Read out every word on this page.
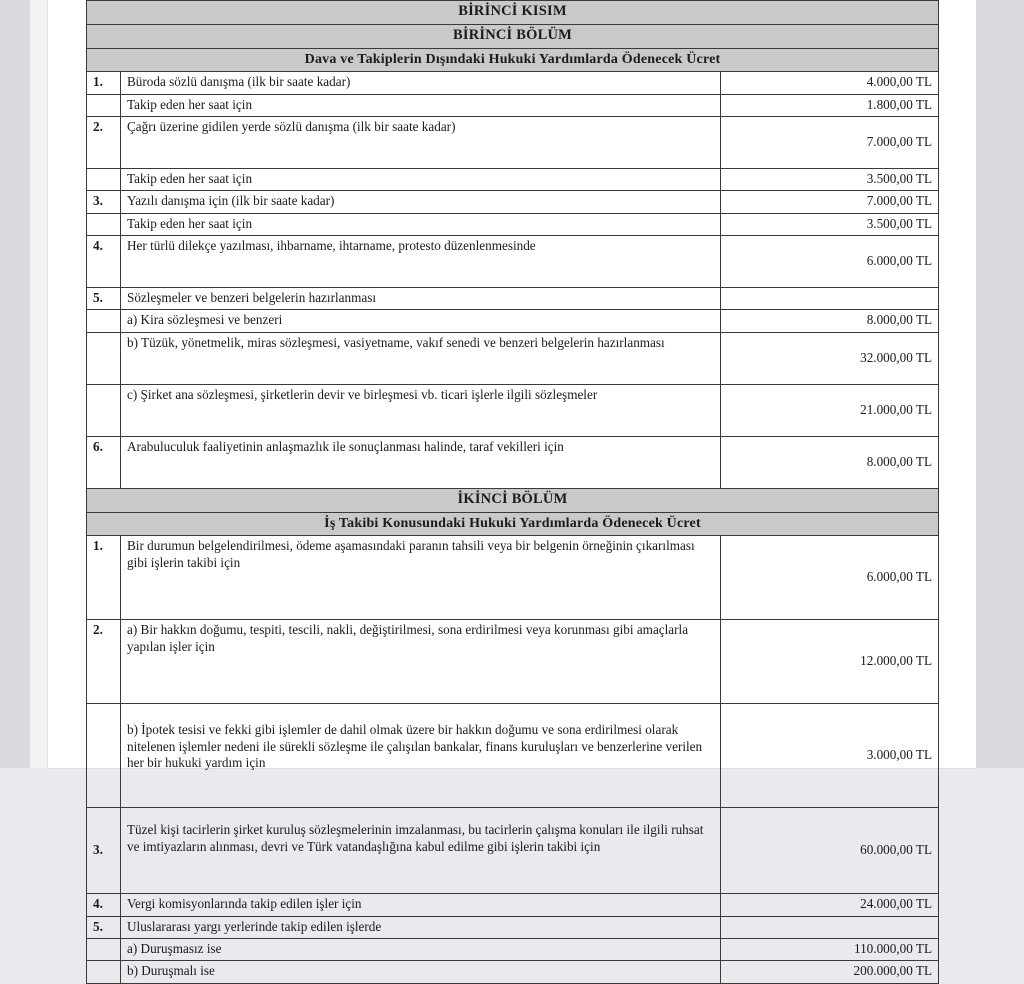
BİRİNCİ KISIM		
BİRİNCİ BÖLÜM		
Dava ve Takiplerin Dışındaki Hukuki Yardımlarda Ödenecek Ücret		
1.	Büroda sözlü danışma (ilk bir saate kadar)	4.000,00 TL
	Takip eden her saat için	1.800,00 TL
2.	Çağrı üzerine gidilen yerde sözlü danışma (ilk bir saate kadar)	7.000,00 TL
	Takip eden her saat için	3.500,00 TL
3.	Yazılı danışma için (ilk bir saate kadar)	7.000,00 TL
	Takip eden her saat için	3.500,00 TL
4.	Her türlü dilekçe yazılması, ihbarname, ihtarname, protesto düzenlenmesinde	6.000,00 TL
5.	Sözleşmeler ve benzeri belgelerin hazırlanması	
	a) Kira sözleşmesi ve benzeri	8.000,00 TL
	b) Tüzük, yönetmelik, miras sözleşmesi, vasiyetname, vakıf senedi ve benzeri belgelerin hazırlanması	32.000,00 TL
	c) Şirket ana sözleşmesi, şirketlerin devir ve birleşmesi vb. ticari işlerle ilgili sözleşmeler	21.000,00 TL
6.	Arabuluculuk faaliyetinin anlaşmazlık ile sonuçlanması halinde, taraf vekilleri için	8.000,00 TL
İKİNCİ BÖLÜM		
İş Takibi Konusundaki Hukuki Yardımlarda Ödenecek Ücret		
1.	Bir durumun belgelendirilmesi, ödeme aşamasındaki paranın tahsili veya bir belgenin örneğinin çıkarılması gibi işlerin takibi için	6.000,00 TL
2.	a) Bir hakkın doğumu, tespiti, tescili, nakli, değiştirilmesi, sona erdirilmesi veya korunması gibi amaçlarla yapılan işler için	12.000,00 TL
	b) İpotek tesisi ve fekki gibi işlemler de dahil olmak üzere bir hakkın doğumu ve sona erdirilmesi olarak nitelenen işlemler nedeni ile sürekli sözleşme ile çalışılan bankalar, finans kuruluşları ve benzerlerine verilen her bir hukuki yardım için	3.000,00 TL
3.	Tüzel kişi tacirlerin şirket kuruluş sözleşmelerinin imzalanması, bu tacirlerin çalışma konuları ile ilgili ruhsat ve imtiyazların alınması, devri ve Türk vatandaşlığına kabul edilme gibi işlerin takibi için	60.000,00 TL
4.	Vergi komisyonlarında takip edilen işler için	24.000,00 TL
5.	Uluslararası yargı yerlerinde takip edilen işlerde	
	a) Duruşmasız ise	110.000,00 TL
	b) Duruşmalı ise	200.000,00 TL
